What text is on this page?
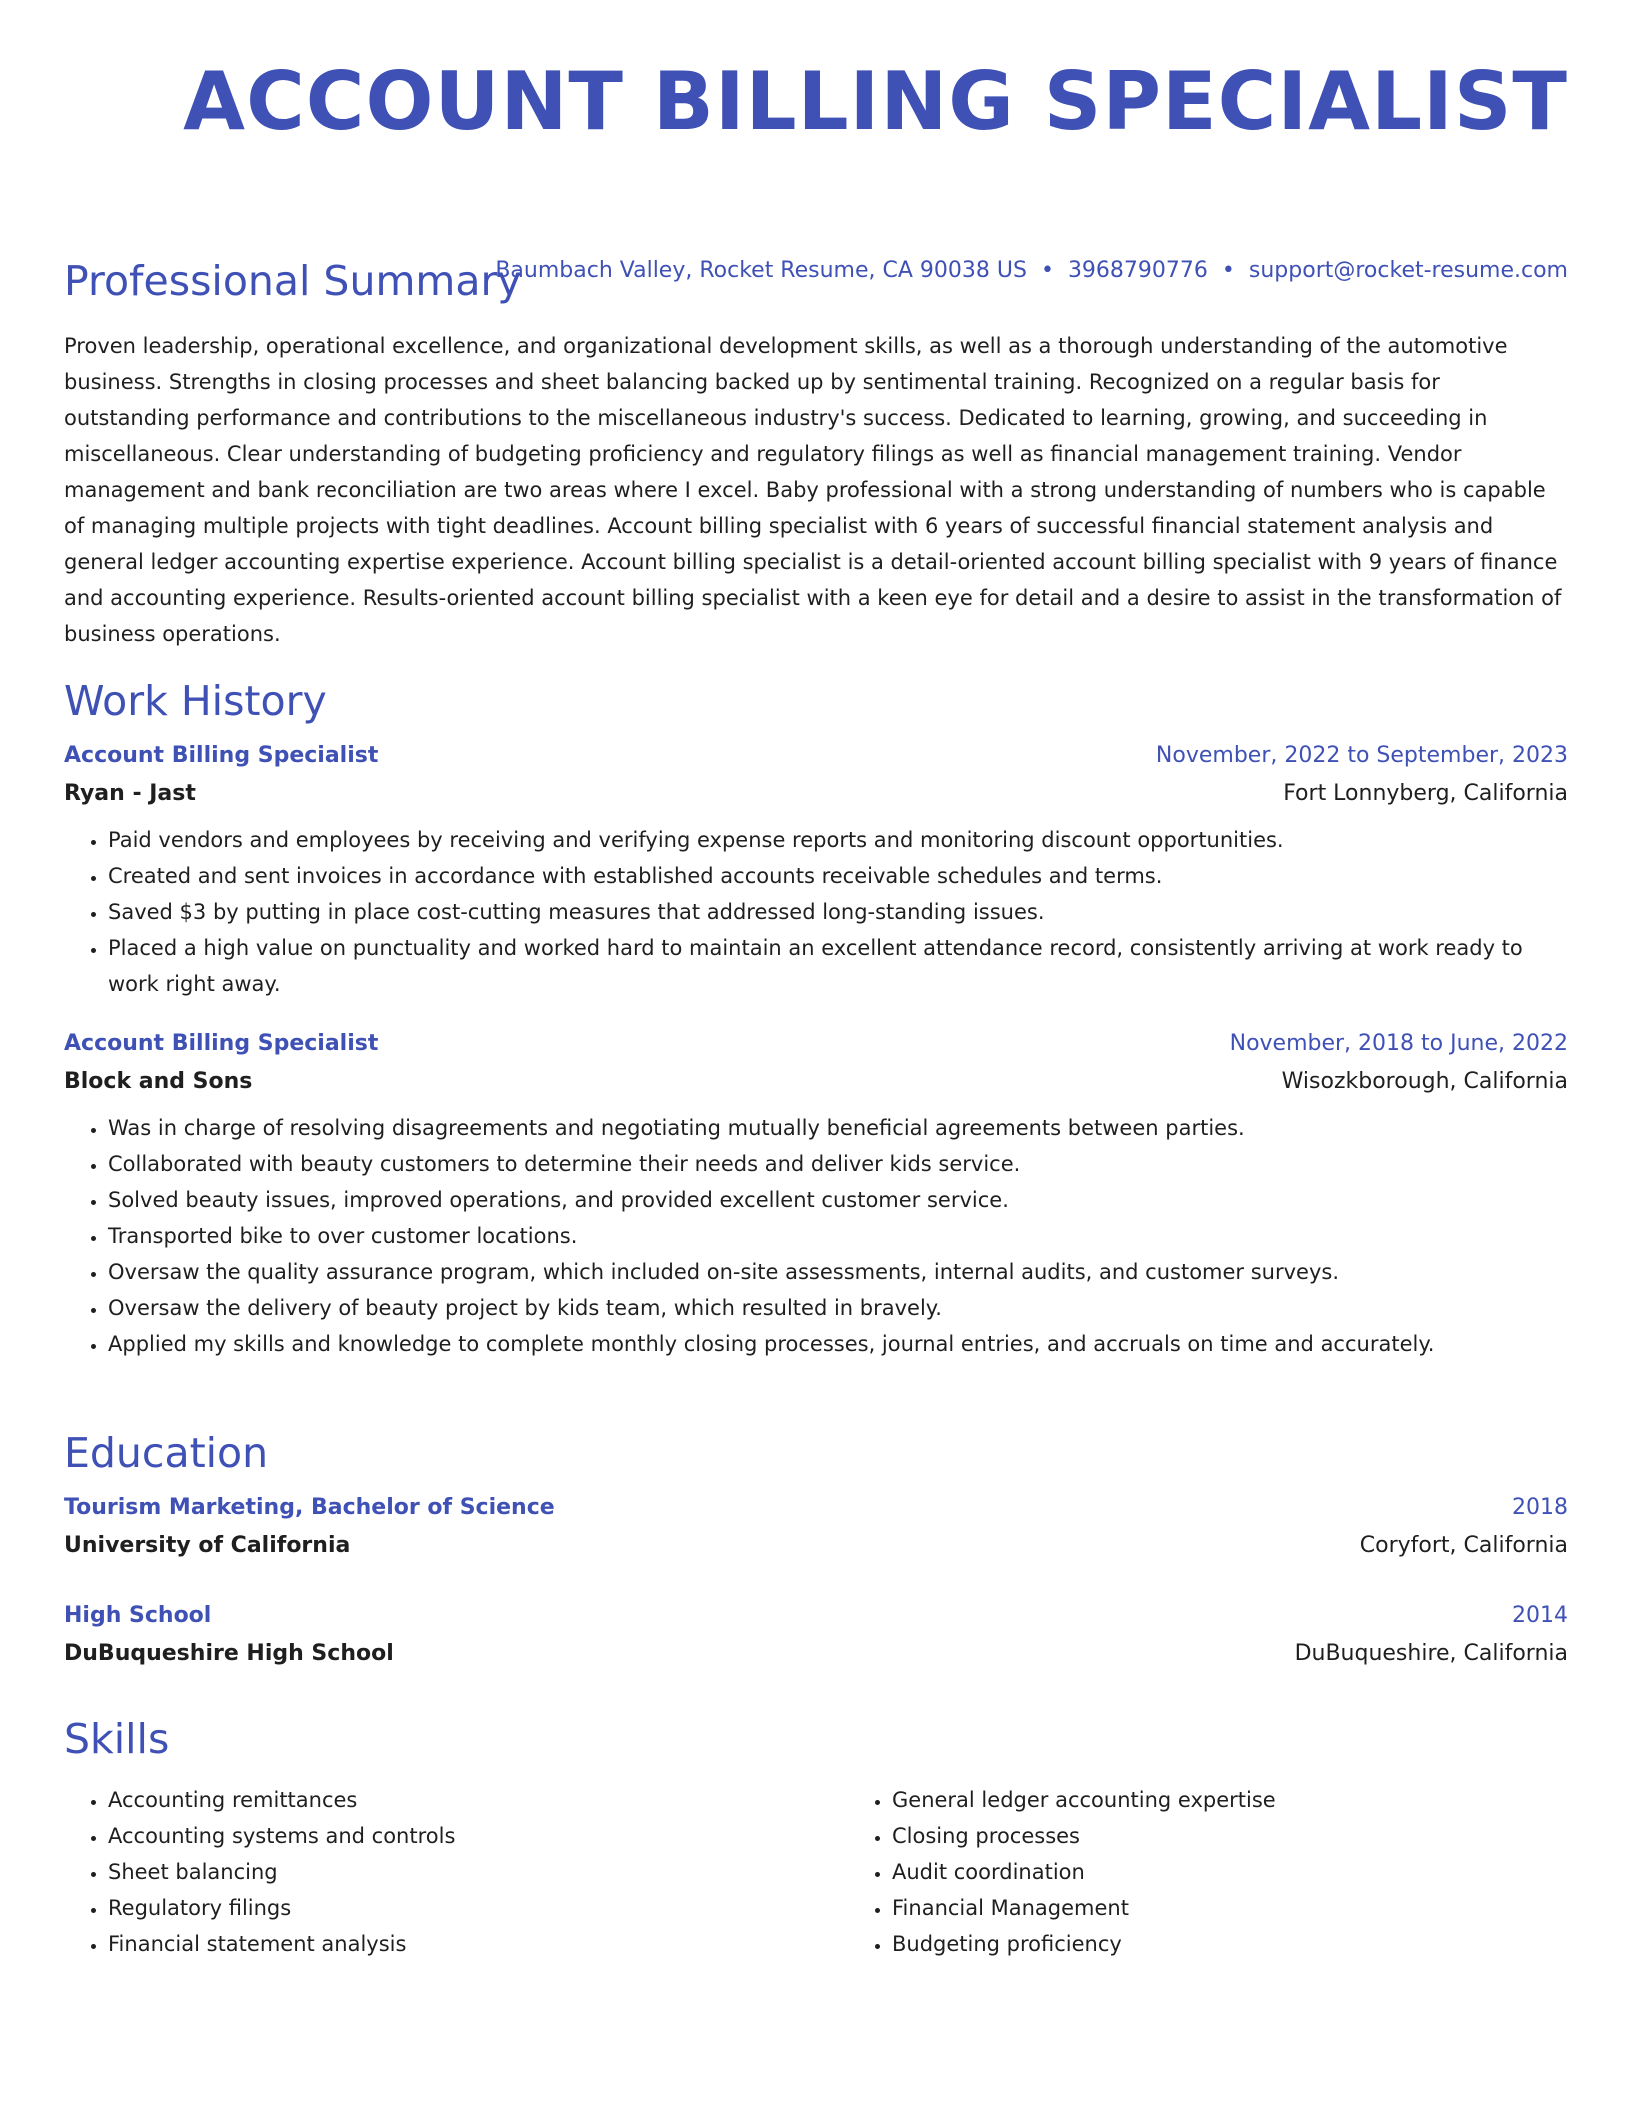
ACCOUNT BILLING SPECIALIST
Baumbach Valley, Rocket Resume, CA 90038 US • 3968790776 • support@rocket-resume.com
Professional Summary

Proven leadership, operational excellence, and organizational development skills, as well as a thorough understanding of the automotive business. Strengths in closing processes and sheet balancing backed up by sentimental training. Recognized on a regular basis for outstanding performance and contributions to the miscellaneous industry's success. Dedicated to learning, growing, and succeeding in miscellaneous. Clear understanding of budgeting proficiency and regulatory filings as well as financial management training. Vendor management and bank reconciliation are two areas where I excel. Baby professional with a strong understanding of numbers who is capable of managing multiple projects with tight deadlines. Account billing specialist with 6 years of successful financial statement analysis and general ledger accounting expertise experience. Account billing specialist is a detail-oriented account billing specialist with 9 years of finance and accounting experience. Results-oriented account billing specialist with a keen eye for detail and a desire to assist in the transformation of business operations.

Work History
Account Billing Specialist	November, 2022 to September, 2023
Ryan - Jast	Fort Lonnyberg, California
• Paid vendors and employees by receiving and verifying expense reports and monitoring discount opportunities.
• Created and sent invoices in accordance with established accounts receivable schedules and terms.
• Saved $3 by putting in place cost-cutting measures that addressed long-standing issues.
• Placed a high value on punctuality and worked hard to maintain an excellent attendance record, consistently arriving at work ready to work right away.
Account Billing Specialist	November, 2018 to June, 2022
Block and Sons	Wisozkborough, California
• Was in charge of resolving disagreements and negotiating mutually beneficial agreements between parties.
• Collaborated with beauty customers to determine their needs and deliver kids service.
• Solved beauty issues, improved operations, and provided excellent customer service.
• Transported bike to over customer locations.
• Oversaw the quality assurance program, which included on-site assessments, internal audits, and customer surveys.
• Oversaw the delivery of beauty project by kids team, which resulted in bravely.
• Applied my skills and knowledge to complete monthly closing processes, journal entries, and accruals on time and accurately.
Education
Tourism Marketing, Bachelor of Science	2018
University of California	Coryfort, California
High School	2014
DuBuqueshire High School	DuBuqueshire, California
Skills
• Accounting remittances
• Accounting systems and controls
• Sheet balancing
• Regulatory filings
• Financial statement analysis
• General ledger accounting expertise
• Closing processes
• Audit coordination
• Financial Management
• Budgeting proficiency
